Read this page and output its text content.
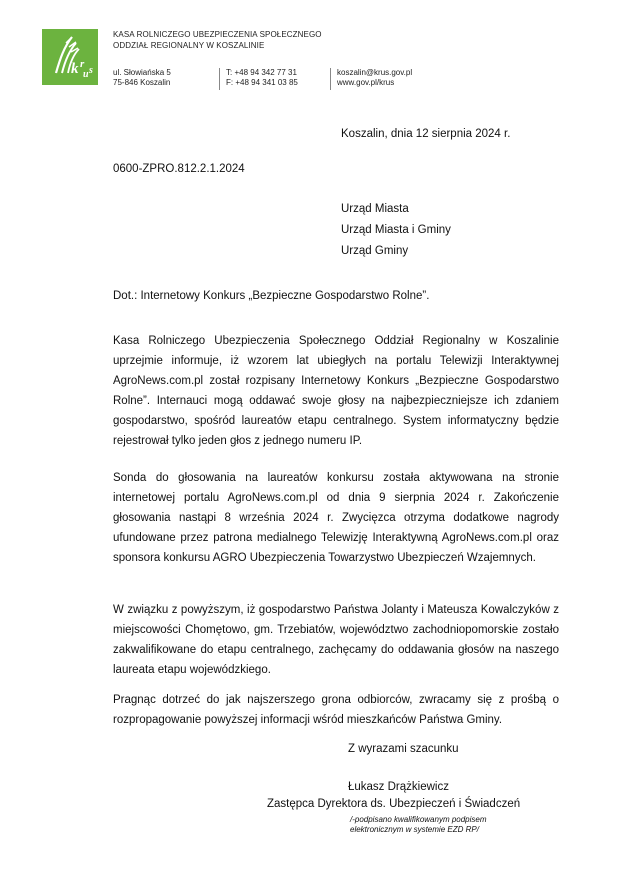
k r
u s
KASA ROLNICZEGO UBEZPIECZENIA SPOŁECZNEGO
ODDZIAŁ REGIONALNY W KOSZALINIE
ul. Słowiańska 5
75-846 Koszalin
T: +48 94 342 77 31
F: +48 94 341 03 85
koszalin@krus.gov.pl
www.gov.pl/krus
Koszalin, dnia 12 sierpnia 2024 r.
0600-ZPRO.812.2.1.2024
Urząd Miasta
Urząd Miasta i Gminy
Urząd Gminy
Dot.: Internetowy Konkurs „Bezpieczne Gospodarstwo Rolne”.
Kasa Rolniczego Ubezpieczenia Społecznego Oddział Regionalny w Koszalinie uprzejmie informuje, iż wzorem lat ubiegłych na portalu Telewizji Interaktywnej AgroNews.com.pl został rozpisany Internetowy Konkurs „Bezpieczne Gospodarstwo Rolne”. Internauci mogą oddawać swoje głosy na najbezpieczniejsze ich zdaniem gospodarstwo, spośród laureatów etapu centralnego. System informatyczny będzie rejestrował tylko jeden głos z jednego numeru IP.
Sonda do głosowania na laureatów konkursu została aktywowana na stronie internetowej portalu AgroNews.com.pl od dnia 9 sierpnia 2024 r. Zakończenie głosowania nastąpi 8 września 2024 r. Zwycięzca otrzyma dodatkowe nagrody ufundowane przez patrona medialnego Telewizję Interaktywną AgroNews.com.pl oraz sponsora konkursu AGRO Ubezpieczenia Towarzystwo Ubezpieczeń Wzajemnych.
W związku z powyższym, iż gospodarstwo Państwa Jolanty i Mateusza Kowalczyków z miejscowości Chomętowo, gm. Trzebiatów, województwo zachodniopomorskie zostało zakwalifikowane do etapu centralnego, zachęcamy do oddawania głosów na naszego laureata etapu wojewódzkiego.
Pragnąc dotrzeć do jak najszerszego grona odbiorców, zwracamy się z prośbą o rozpropagowanie powyższej informacji wśród mieszkańców Państwa Gminy.
Z wyrazami szacunku
Łukasz Drążkiewicz
Zastępca Dyrektora ds. Ubezpieczeń i Świadczeń
/-podpisano kwalifikowanym podpisem
elektronicznym w systemie EZD RP/
